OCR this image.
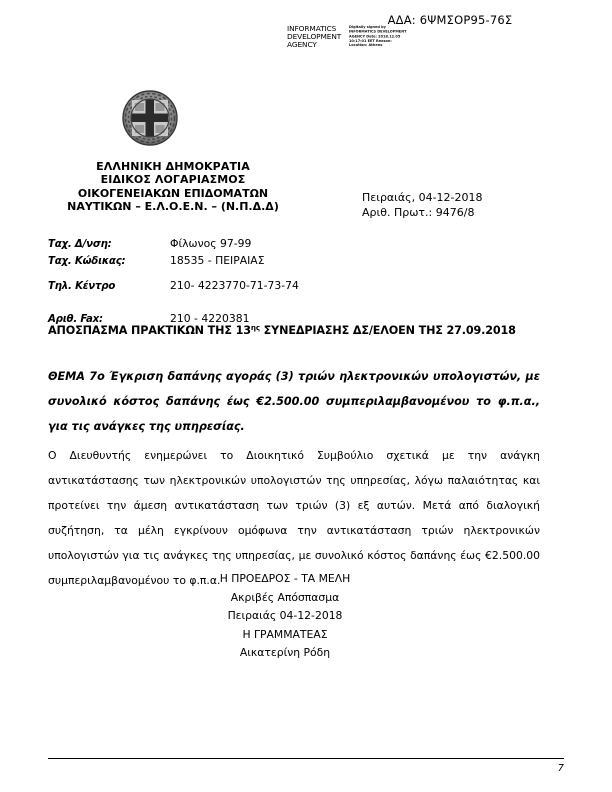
ΑΔΑ: 6ΨΜΣΟΡ95-76Σ
INFORMATICS DEVELOPMENT AGENCY
Digitally signed by INFORMATICS DEVELOPMENT AGENCY Date: 2018.12.05 10:17:01 EET Reason: Location: Athens
ΕΛΛΗΝΙΚΗ ΔΗΜΟΚΡΑΤΙΑ
ΕΙΔΙΚΟΣ ΛΟΓΑΡΙΑΣΜΟΣ
ΟΙΚΟΓΕΝΕΙΑΚΩΝ ΕΠΙΔΟΜΑΤΩΝ
ΝΑΥΤΙΚΩΝ – Ε.Λ.Ο.Ε.Ν. – (Ν.Π.Δ.Δ)
Πειραιάς, 04-12-2018
Αριθ. Πρωτ.: 9476/8
Ταχ. Δ/νση:	Φίλωνος 97-99
Ταχ. Κώδικας:	18535 - ΠΕΙΡΑΙΑΣ
Τηλ. Κέντρο	210- 4223770-71-73-74
Αριθ. Fax:	210 - 4220381
ΑΠΟΣΠΑΣΜΑ ΠΡΑΚΤΙΚΩΝ ΤΗΣ $13^{\eta\varsigma}$ ΣΥΝΕΔΡΙΑΣΗΣ ΔΣ/ΕΛΟΕΝ ΤΗΣ 27.09.2018
ΘΕΜΑ 7ο Έγκριση δαπάνης αγοράς (3) τριών ηλεκτρονικών υπολογιστών, με συνολικό κόστος δαπάνης έως €2.500.00 συμπεριλαμβανομένου το φ.π.α., για τις ανάγκες της υπηρεσίας.
Ο Διευθυντής ενημερώνει το Διοικητικό Συμβούλιο σχετικά με την ανάγκη αντικατάστασης των ηλεκτρονικών υπολογιστών της υπηρεσίας, λόγω παλαιότητας και προτείνει την άμεση αντικατάσταση των τριών (3) εξ αυτών. Μετά από διαλογική συζήτηση, τα μέλη εγκρίνουν ομόφωνα την αντικατάσταση τριών ηλεκτρονικών υπολογιστών για τις ανάγκες της υπηρεσίας, με συνολικό κόστος δαπάνης έως €2.500.00 συμπεριλαμβανομένου το φ.π.α. Η ΠΡΟΕΔΡΟΣ - ΤΑ ΜΕΛΗ
Ακριβές Απόσπασμα
Πειραιάς 04-12-2018
Η ΓΡΑΜΜΑΤΕΑΣ
Αικατερίνη Ρόδη
7
